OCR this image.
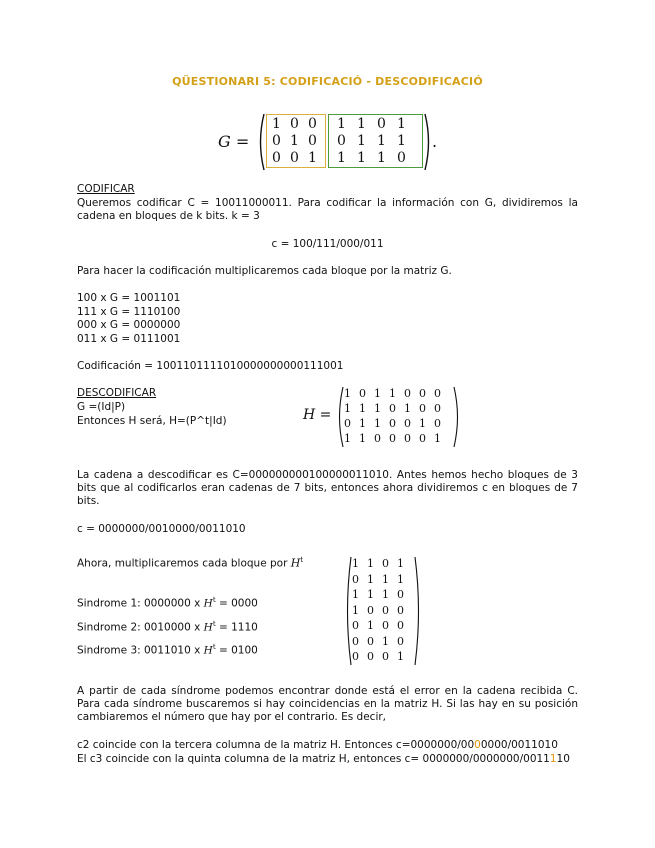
QÜESTIONARI 5: CODIFICACIÓ - DESCODIFICACIÓ
G =
1 0 0
0 1 0
0 0 1
1 1 0 1
0 1 1 1
1 1 1 0
.
CODIFICAR
Queremos codificar C = 10011000011. Para codificar la información con G, dividiremos la cadena en bloques de k bits. k = 3
c = 100/111/000/011
Para hacer la codificación multiplicaremos cada bloque por la matriz G.
100 x G = 1001101
111 x G = 1110100
000 x G = 0000000
011 x G = 0111001
Codificación = 1001101111010000000000111001
DESCODIFICAR
G =(Id|P)
Entonces H será, H=(P^t|Id)	H =
1 0 1 1 0 0 0
1 1 1 0 1 0 0
0 1 1 0 0 1 0
1 1 0 0 0 0 1
La cadena a descodificar es C=000000000100000011010. Antes hemos hecho bloques de 3 bits que al codificarlos eran cadenas de 7 bits, entonces ahora dividiremos c en bloques de 7 bits.
c = 0000000/0010000/0011010
Ahora, multiplicaremos cada bloque por $H^t$
Sindrome 1: 0000000 x $H^t = 0000$
Sindrome 2: 0010000 x $H^t = 1110$
Sindrome 3: 0011010 x $H^t = 0100$
1 1 0 1
0 1 1 1
1 1 1 0
1 0 0 0
0 1 0 0
0 0 1 0
0 0 0 1
A partir de cada síndrome podemos encontrar donde está el error en la cadena recibida C. Para cada síndrome buscaremos si hay coincidencias en la matriz H. Si las hay en su posición cambiaremos el número que hay por el contrario. Es decir,
c2 coincide con la tercera columna de la matriz H. Entonces c=0000000/0000000/0011010
El c3 coincide con la quinta columna de la matriz H, entonces c= 0000000/0000000/0011110
